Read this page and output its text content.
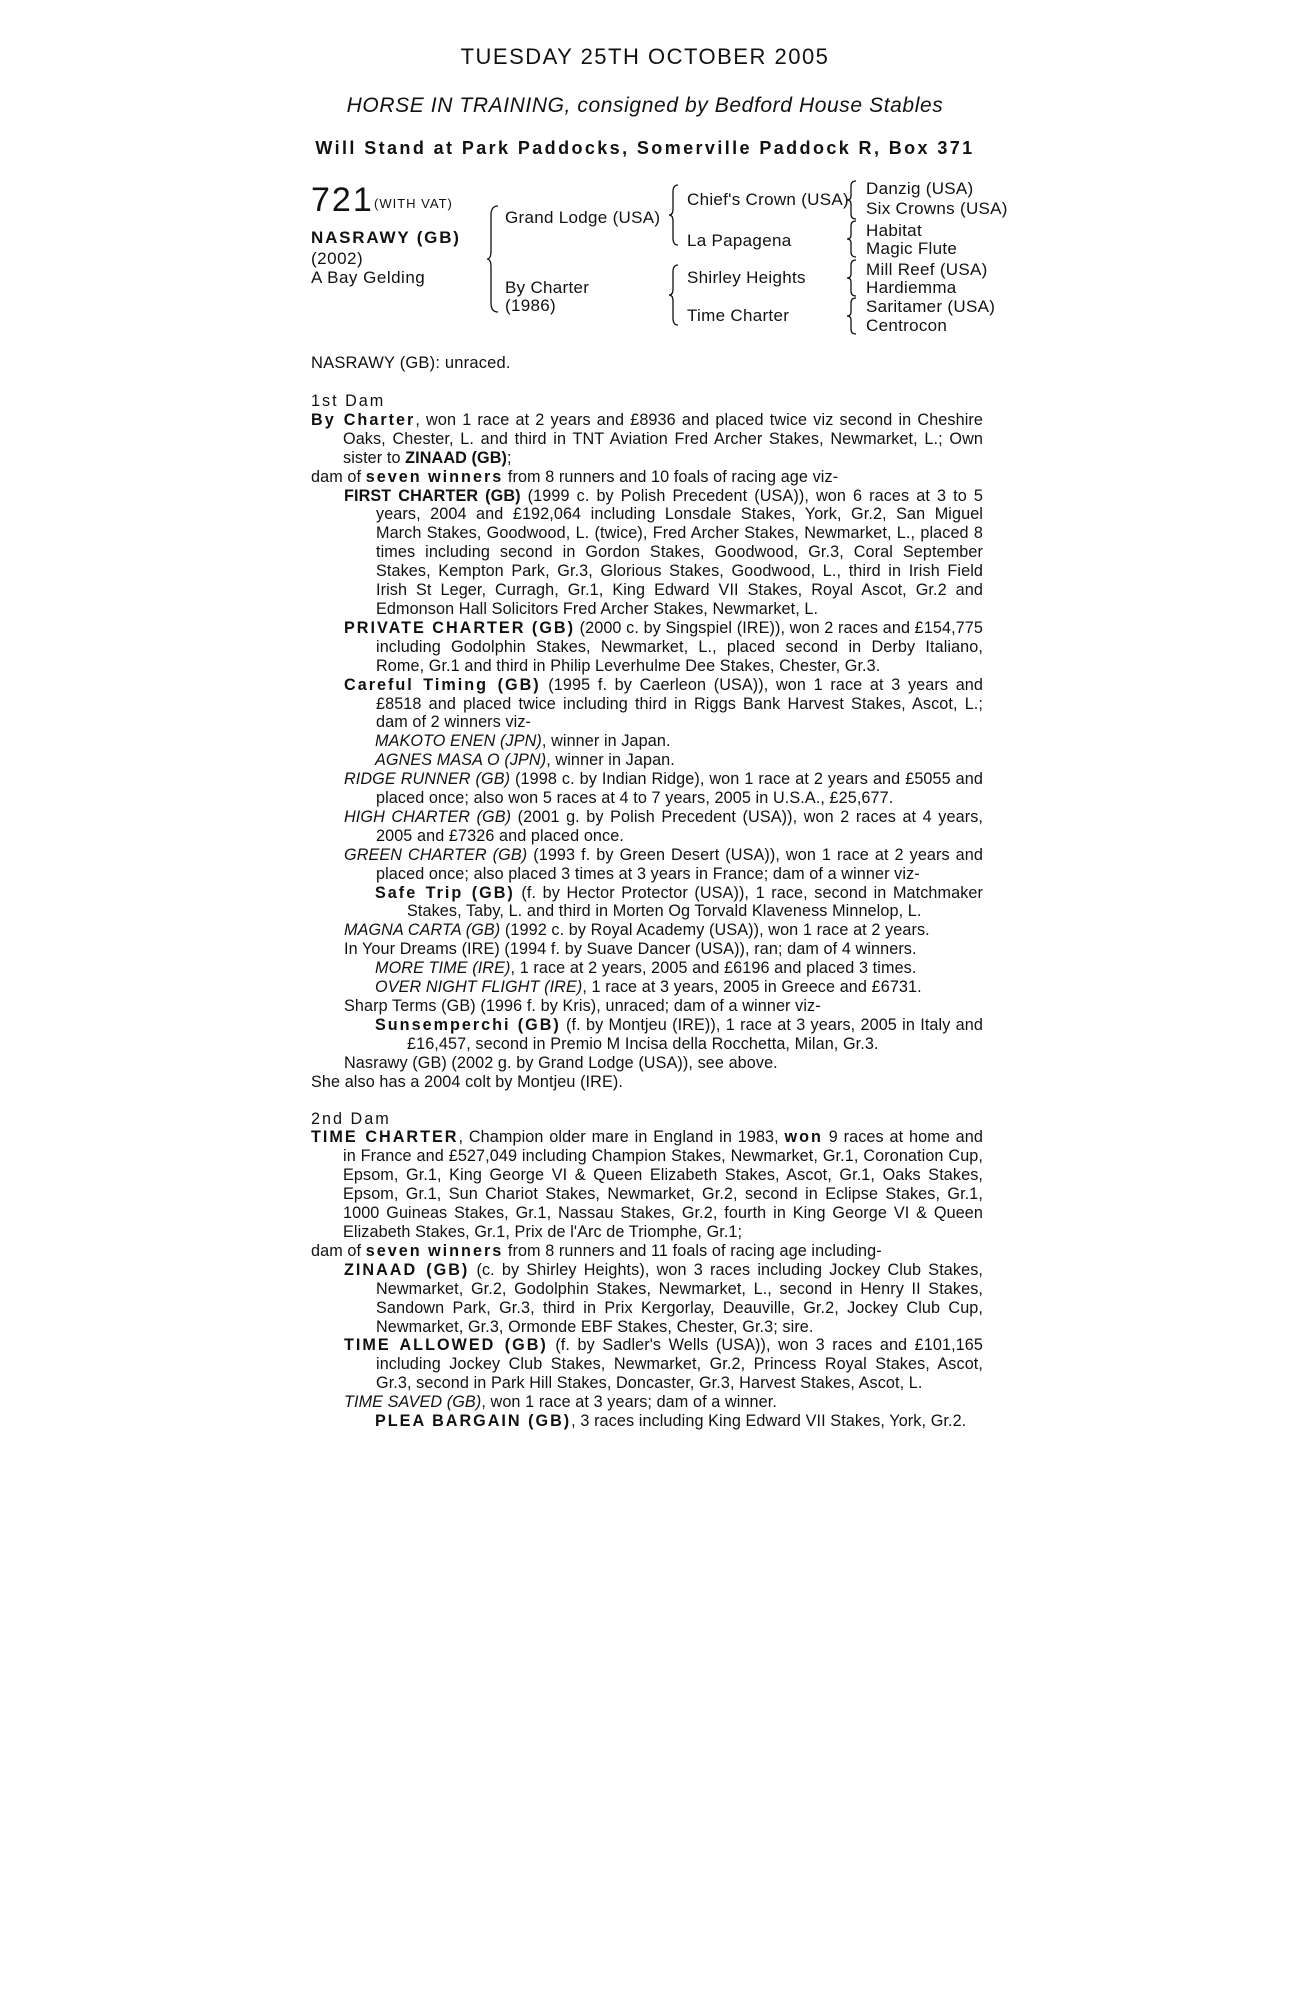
TUESDAY 25TH OCTOBER 2005
HORSE IN TRAINING, consigned by Bedford House Stables
Will Stand at Park Paddocks, Somerville Paddock R, Box 371
721 (WITH VAT)
NASRAWY (GB)
(2002)
A Bay Gelding
Grand Lodge (USA)
By Charter
(1986)
Chief's Crown (USA)
La Papagena
Shirley Heights
Time Charter
Danzig (USA)
Six Crowns (USA)
Habitat
Magic Flute
Mill Reef (USA)
Hardiemma
Saritamer (USA)
Centrocon
NASRAWY (GB): unraced.

1st Dam

By Charter, won 1 race at 2 years and £8936 and placed twice viz second in Cheshire Oaks, Chester, L. and third in TNT Aviation Fred Archer Stakes, Newmarket, L.; Own sister to ZINAAD (GB);

dam of seven winners from 8 runners and 10 foals of racing age viz-

FIRST CHARTER (GB) (1999 c. by Polish Precedent (USA)), won 6 races at 3 to 5 years, 2004 and £192,064 including Lonsdale Stakes, York, Gr.2, San Miguel March Stakes, Goodwood, L. (twice), Fred Archer Stakes, Newmarket, L., placed 8 times including second in Gordon Stakes, Goodwood, Gr.3, Coral September Stakes, Kempton Park, Gr.3, Glorious Stakes, Goodwood, L., third in Irish Field Irish St Leger, Curragh, Gr.1, King Edward VII Stakes, Royal Ascot, Gr.2 and Edmonson Hall Solicitors Fred Archer Stakes, Newmarket, L.

PRIVATE CHARTER (GB) (2000 c. by Singspiel (IRE)), won 2 races and £154,775 including Godolphin Stakes, Newmarket, L., placed second in Derby Italiano, Rome, Gr.1 and third in Philip Leverhulme Dee Stakes, Chester, Gr.3.

Careful Timing (GB) (1995 f. by Caerleon (USA)), won 1 race at 3 years and £8518 and placed twice including third in Riggs Bank Harvest Stakes, Ascot, L.; dam of 2 winners viz-

MAKOTO ENEN (JPN), winner in Japan.

AGNES MASA O (JPN), winner in Japan.

RIDGE RUNNER (GB) (1998 c. by Indian Ridge), won 1 race at 2 years and £5055 and placed once; also won 5 races at 4 to 7 years, 2005 in U.S.A., £25,677.

HIGH CHARTER (GB) (2001 g. by Polish Precedent (USA)), won 2 races at 4 years, 2005 and £7326 and placed once.

GREEN CHARTER (GB) (1993 f. by Green Desert (USA)), won 1 race at 2 years and placed once; also placed 3 times at 3 years in France; dam of a winner viz-

Safe Trip (GB) (f. by Hector Protector (USA)), 1 race, second in Matchmaker Stakes, Taby, L. and third in Morten Og Torvald Klaveness Minnelop, L.

MAGNA CARTA (GB) (1992 c. by Royal Academy (USA)), won 1 race at 2 years.

In Your Dreams (IRE) (1994 f. by Suave Dancer (USA)), ran; dam of 4 winners.

MORE TIME (IRE), 1 race at 2 years, 2005 and £6196 and placed 3 times.

OVER NIGHT FLIGHT (IRE), 1 race at 3 years, 2005 in Greece and £6731.

Sharp Terms (GB) (1996 f. by Kris), unraced; dam of a winner viz-

Sunsemperchi (GB) (f. by Montjeu (IRE)), 1 race at 3 years, 2005 in Italy and £16,457, second in Premio M Incisa della Rocchetta, Milan, Gr.3.

Nasrawy (GB) (2002 g. by Grand Lodge (USA)), see above.

She also has a 2004 colt by Montjeu (IRE).

2nd Dam

TIME CHARTER, Champion older mare in England in 1983, won 9 races at home and in France and £527,049 including Champion Stakes, Newmarket, Gr.1, Coronation Cup, Epsom, Gr.1, King George VI & Queen Elizabeth Stakes, Ascot, Gr.1, Oaks Stakes, Epsom, Gr.1, Sun Chariot Stakes, Newmarket, Gr.2, second in Eclipse Stakes, Gr.1, 1000 Guineas Stakes, Gr.1, Nassau Stakes, Gr.2, fourth in King George VI & Queen Elizabeth Stakes, Gr.1, Prix de l'Arc de Triomphe, Gr.1;

dam of seven winners from 8 runners and 11 foals of racing age including-

ZINAAD (GB) (c. by Shirley Heights), won 3 races including Jockey Club Stakes, Newmarket, Gr.2, Godolphin Stakes, Newmarket, L., second in Henry II Stakes, Sandown Park, Gr.3, third in Prix Kergorlay, Deauville, Gr.2, Jockey Club Cup, Newmarket, Gr.3, Ormonde EBF Stakes, Chester, Gr.3; sire.

TIME ALLOWED (GB) (f. by Sadler's Wells (USA)), won 3 races and £101,165 including Jockey Club Stakes, Newmarket, Gr.2, Princess Royal Stakes, Ascot, Gr.3, second in Park Hill Stakes, Doncaster, Gr.3, Harvest Stakes, Ascot, L.

TIME SAVED (GB), won 1 race at 3 years; dam of a winner.

PLEA BARGAIN (GB), 3 races including King Edward VII Stakes, York, Gr.2.
